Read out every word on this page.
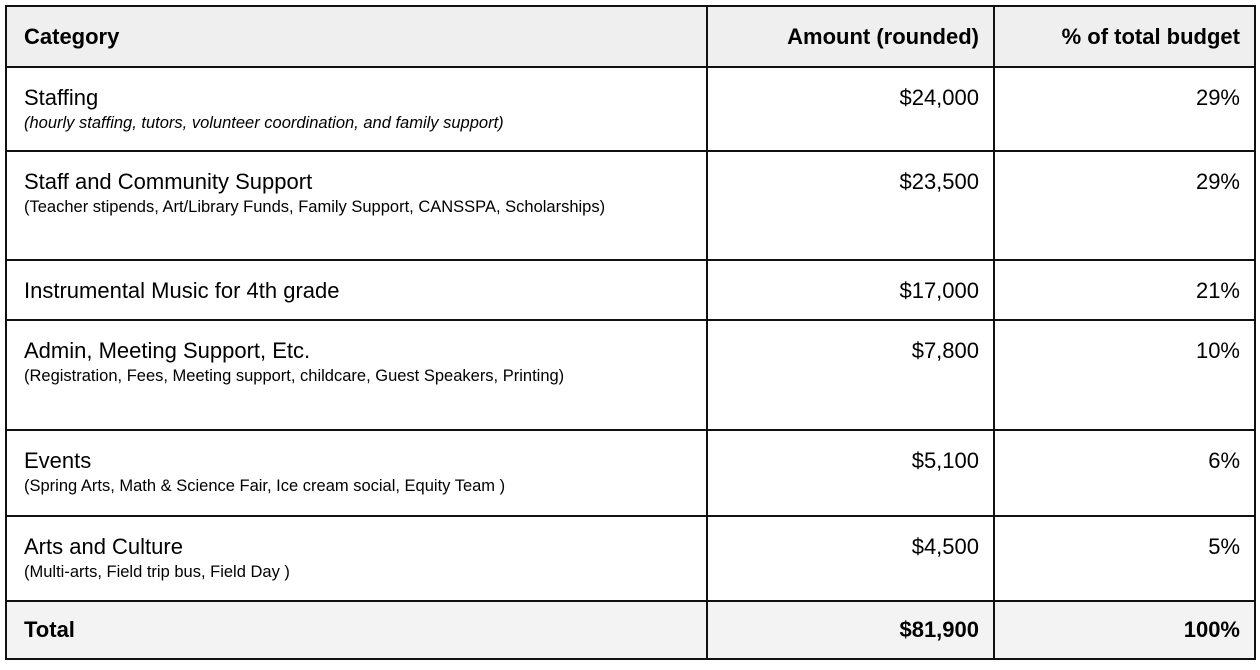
Category	Amount (rounded)	% of total budget

Staffing
(hourly staffing, tutors, volunteer coordination, and family support)	$24,000	29%

Staff and Community Support
(Teacher stipends, Art/Library Funds, Family Support, CANSSPA, Scholarships)	$23,500	29%

Instrumental Music for 4th grade	$17,000	21%

Admin, Meeting Support, Etc.
(Registration, Fees, Meeting support, childcare, Guest Speakers, Printing)	$7,800	10%

Events
(Spring Arts, Math & Science Fair, Ice cream social, Equity Team )	$5,100	6%

Arts and Culture
(Multi-arts, Field trip bus, Field Day )	$4,500	5%
Total	$81,900	100%
